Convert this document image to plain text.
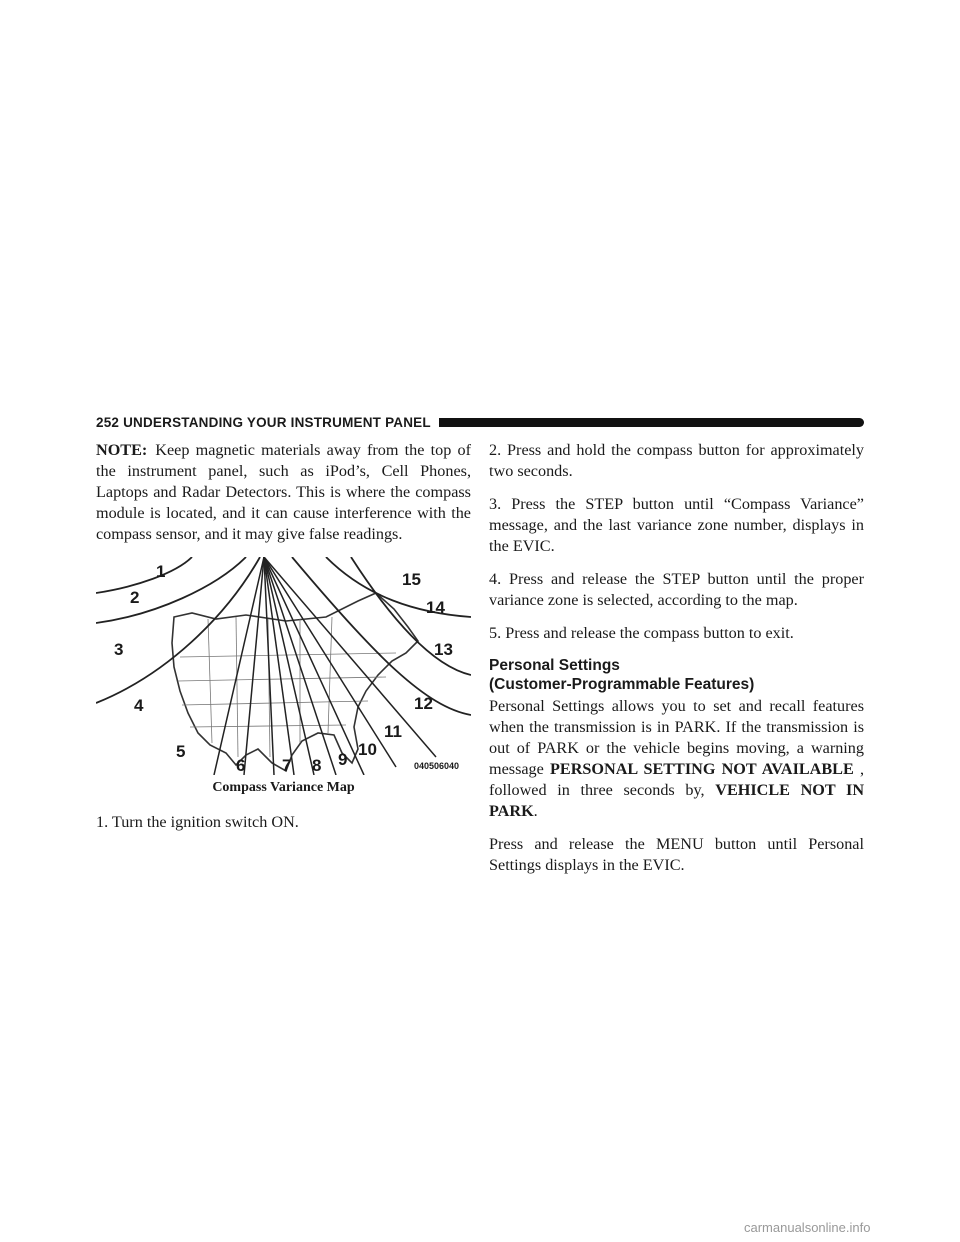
252 UNDERSTANDING YOUR INSTRUMENT PANEL

NOTE: Keep magnetic materials away from the top of the instrument panel, such as iPod’s, Cell Phones, Laptops and Radar Detectors. This is where the compass module is located, and it can cause interference with the compass sensor, and it may give false readings.

1
2
3
4
5
6 7 8 9
10
11
12
13
14
15
040506040
Compass Variance Map

1. Turn the ignition switch ON.

2. Press and hold the compass button for approximately two seconds.

3. Press the STEP button until “Compass Variance” message, and the last variance zone number, displays in the EVIC.

4. Press and release the STEP button until the proper variance zone is selected, according to the map.

5. Press and release the compass button to exit.

Personal Settings
(Customer-Programmable Features)

Personal Settings allows you to set and recall features when the transmission is in PARK. If the transmission is out of PARK or the vehicle begins moving, a warning message PERSONAL SETTING NOT AVAILABLE , followed in three seconds by, VEHICLE NOT IN PARK.

Press and release the MENU button until Personal Settings displays in the EVIC.

carmanualsonline.info
